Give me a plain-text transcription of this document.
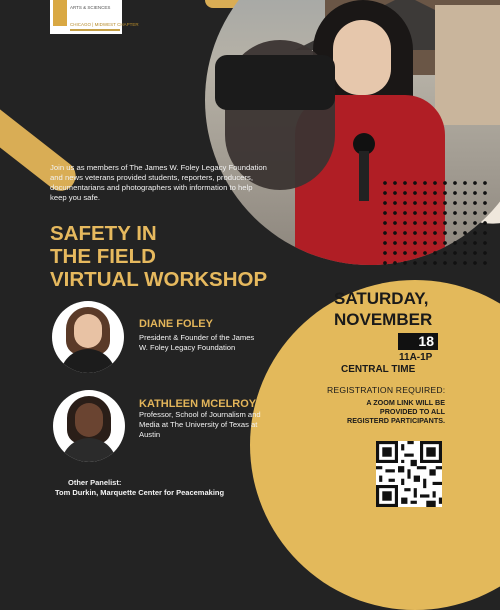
ARTS & SCIENCES
CHICAGO | MIDWEST CHAPTER
Join us as members of The James W. Foley Legacy Foundation and news veterans provided students, reporters, producers, documentarians and photographers with information to help keep you safe.
SAFETY IN
THE FIELD
VIRTUAL WORKSHOP
DIANE FOLEY
President & Founder of the James W. Foley Legacy Foundation
KATHLEEN MCELROY
Professor, School of Journalism and Media at The University of Texas at Austin
Other Panelist:
Tom Durkin, Marquette Center for Peacemaking
SATURDAY,
NOVEMBER
18
11A-1P
CENTRAL TIME
REGISTRATION REQUIRED:
A ZOOM LINK WILL BE PROVIDED TO ALL REGISTERD PARTICIPANTS.
